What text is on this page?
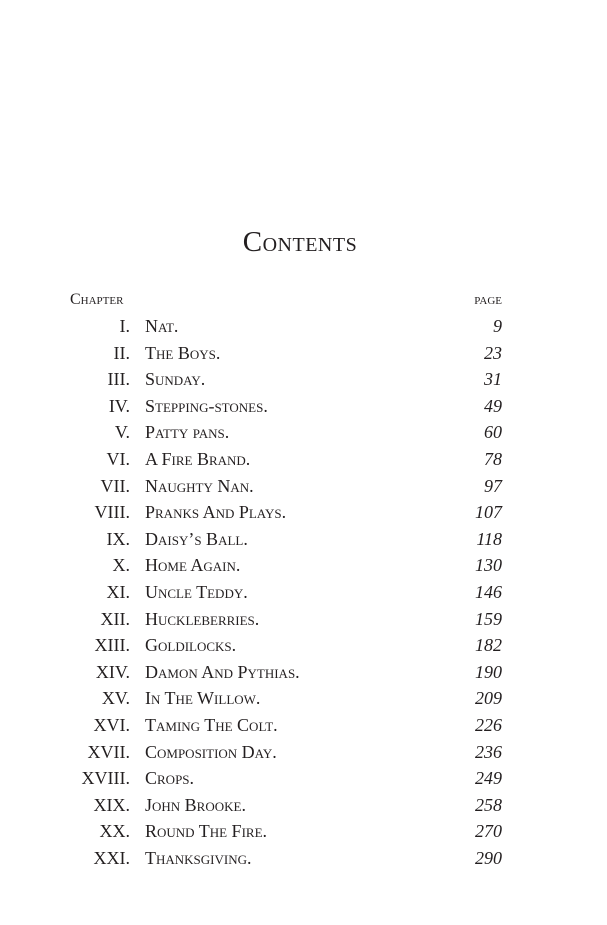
Contents
Chapter	page
I. Nat.	9
II. The Boys.	23
III. Sunday.	31
IV. Stepping-stones.	49
V. Patty pans.	60
VI. A Fire Brand.	78
VII. Naughty Nan.	97
VIII. Pranks And Plays.	107
IX. Daisy’s Ball.	118
X. Home Again.	130
XI. Uncle Teddy.	146
XII. Huckleberries.	159
XIII. Goldilocks.	182
XIV. Damon And Pythias.	190
XV. In The Willow.	209
XVI. Taming The Colt.	226
XVII. Composition Day.	236
XVIII. Crops.	249
XIX. John Brooke.	258
XX. Round The Fire.	270
XXI. Thanksgiving.	290
